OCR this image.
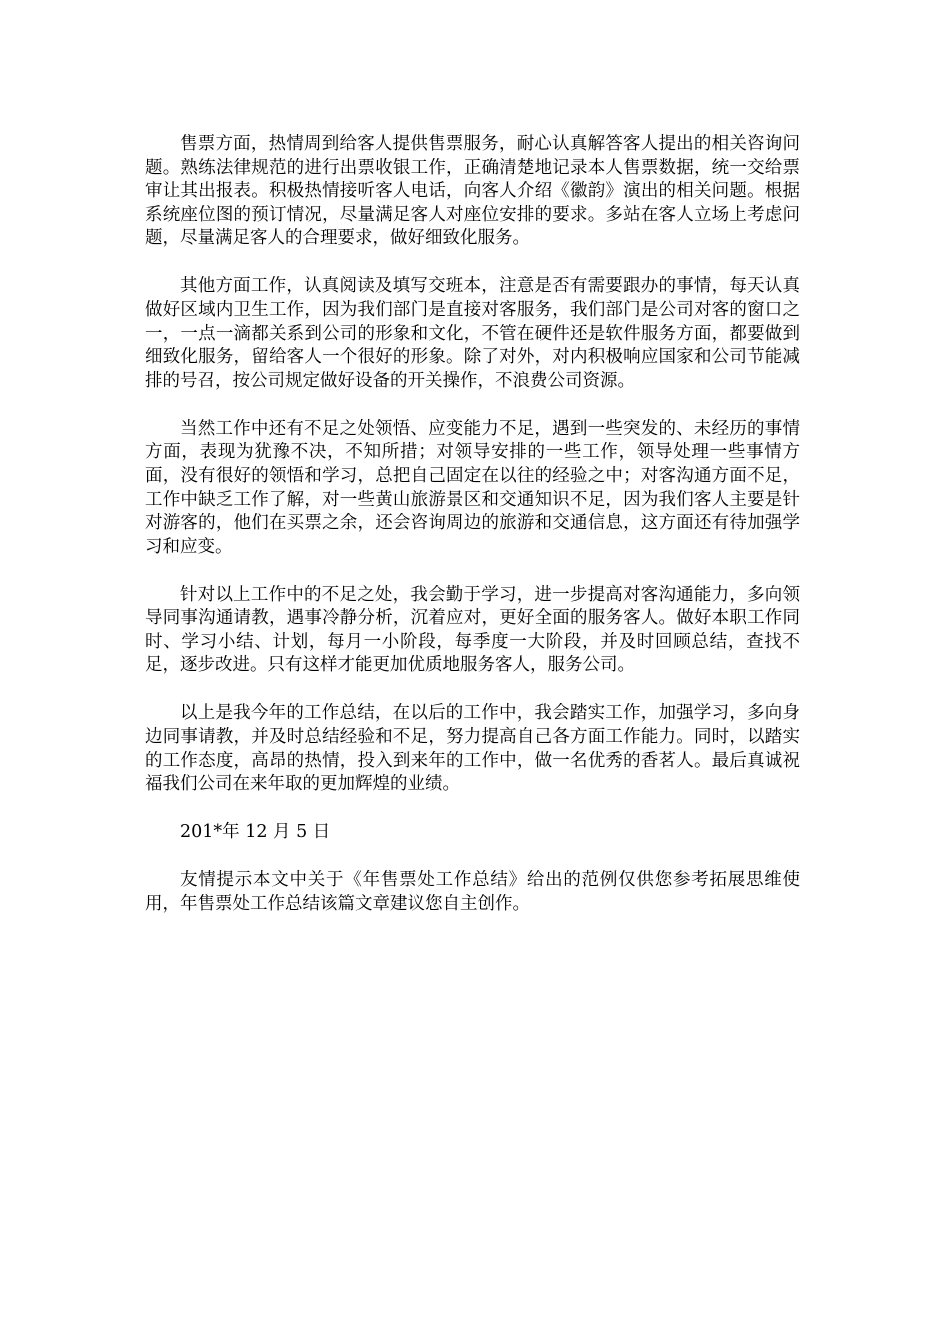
售票方面，热情周到给客人提供售票服务，耐心认真解答客人提出的相关咨询问题。熟练法律规范的进行出票收银工作，正确清楚地记录本人售票数据，统一交给票审让其出报表。积极热情接听客人电话，向客人介绍《徽韵》演出的相关问题。根据系统座位图的预订情况，尽量满足客人对座位安排的要求。多站在客人立场上考虑问题，尽量满足客人的合理要求，做好细致化服务。

其他方面工作，认真阅读及填写交班本，注意是否有需要跟办的事情，每天认真做好区域内卫生工作，因为我们部门是直接对客服务，我们部门是公司对客的窗口之一，一点一滴都关系到公司的形象和文化，不管在硬件还是软件服务方面，都要做到细致化服务，留给客人一个很好的形象。除了对外，对内积极响应国家和公司节能减排的号召，按公司规定做好设备的开关操作，不浪费公司资源。

当然工作中还有不足之处领悟、应变能力不足，遇到一些突发的、未经历的事情方面，表现为犹豫不决，不知所措；对领导安排的一些工作，领导处理一些事情方面，没有很好的领悟和学习，总把自己固定在以往的经验之中；对客沟通方面不足，工作中缺乏工作了解，对一些黄山旅游景区和交通知识不足，因为我们客人主要是针对游客的，他们在买票之余，还会咨询周边的旅游和交通信息，这方面还有待加强学习和应变。

针对以上工作中的不足之处，我会勤于学习，进一步提高对客沟通能力，多向领导同事沟通请教，遇事冷静分析，沉着应对，更好全面的服务客人。做好本职工作同时、学习小结、计划，每月一小阶段，每季度一大阶段，并及时回顾总结，查找不足，逐步改进。只有这样才能更加优质地服务客人，服务公司。

以上是我今年的工作总结，在以后的工作中，我会踏实工作，加强学习，多向身边同事请教，并及时总结经验和不足，努力提高自己各方面工作能力。同时，以踏实的工作态度，高昂的热情，投入到来年的工作中，做一名优秀的香茗人。最后真诚祝福我们公司在来年取的更加辉煌的业绩。

201*年 12 月 5 日

友情提示本文中关于《年售票处工作总结》给出的范例仅供您参考拓展思维使用，年售票处工作总结该篇文章建议您自主创作。
